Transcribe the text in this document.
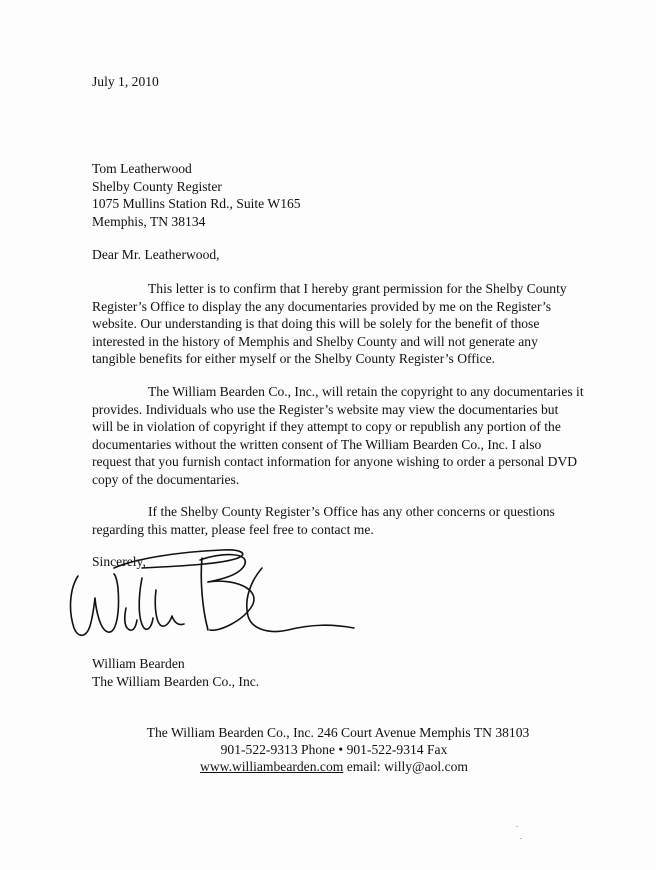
July 1, 2010
Tom Leatherwood
Shelby County Register
1075 Mullins Station Rd., Suite W165
Memphis, TN 38134
Dear Mr. Leatherwood,
This letter is to confirm that I hereby grant permission for the Shelby County
Register’s Office to display the any documentaries provided by me on the Register’s
website. Our understanding is that doing this will be solely for the benefit of those
interested in the history of Memphis and Shelby County and will not generate any
tangible benefits for either myself or the Shelby County Register’s Office.
The William Bearden Co., Inc., will retain the copyright to any documentaries it
provides. Individuals who use the Register’s website may view the documentaries but
will be in violation of copyright if they attempt to copy or republish any portion of the
documentaries without the written consent of The William Bearden Co., Inc. I also
request that you furnish contact information for anyone wishing to order a personal DVD
copy of the documentaries.
If the Shelby County Register’s Office has any other concerns or questions
regarding this matter, please feel free to contact me.
Sincerely,
William Bearden
The William Bearden Co., Inc.
The William Bearden Co., Inc. 246 Court Avenue Memphis TN 38103
901-522-9313 Phone • 901-522-9314 Fax
www.williambearden.com email: willy@aol.com
